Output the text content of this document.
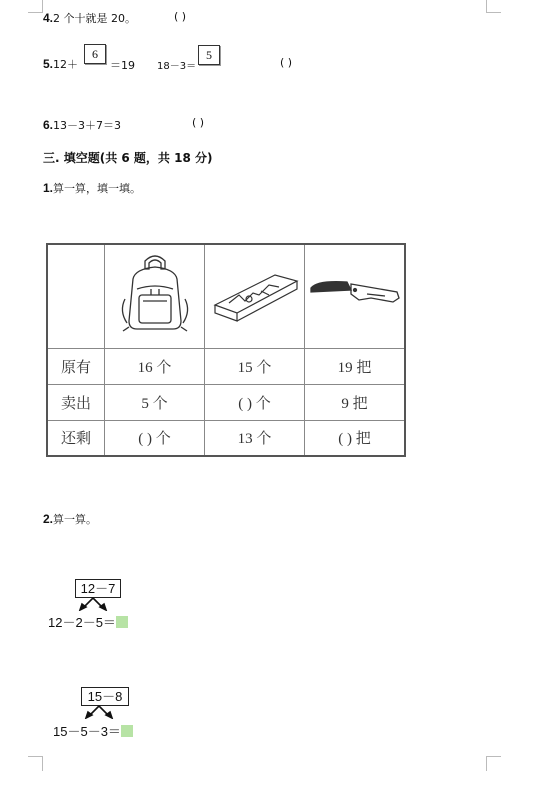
4.2 个十就是 20。	( )
5.12＋
6
＝19 18－3＝
5
( )
6.13－3＋7＝3	( )
三. 填空题(共 6 题，共 18 分)
1.算一算，填一填。

原有	16 个	15 个	19 把
卖出	5 个	( ) 个	9 把
还剩	( ) 个	13 个	( ) 把
2.算一算。
12－7
12－2－5＝
15－8
15－5－3＝
